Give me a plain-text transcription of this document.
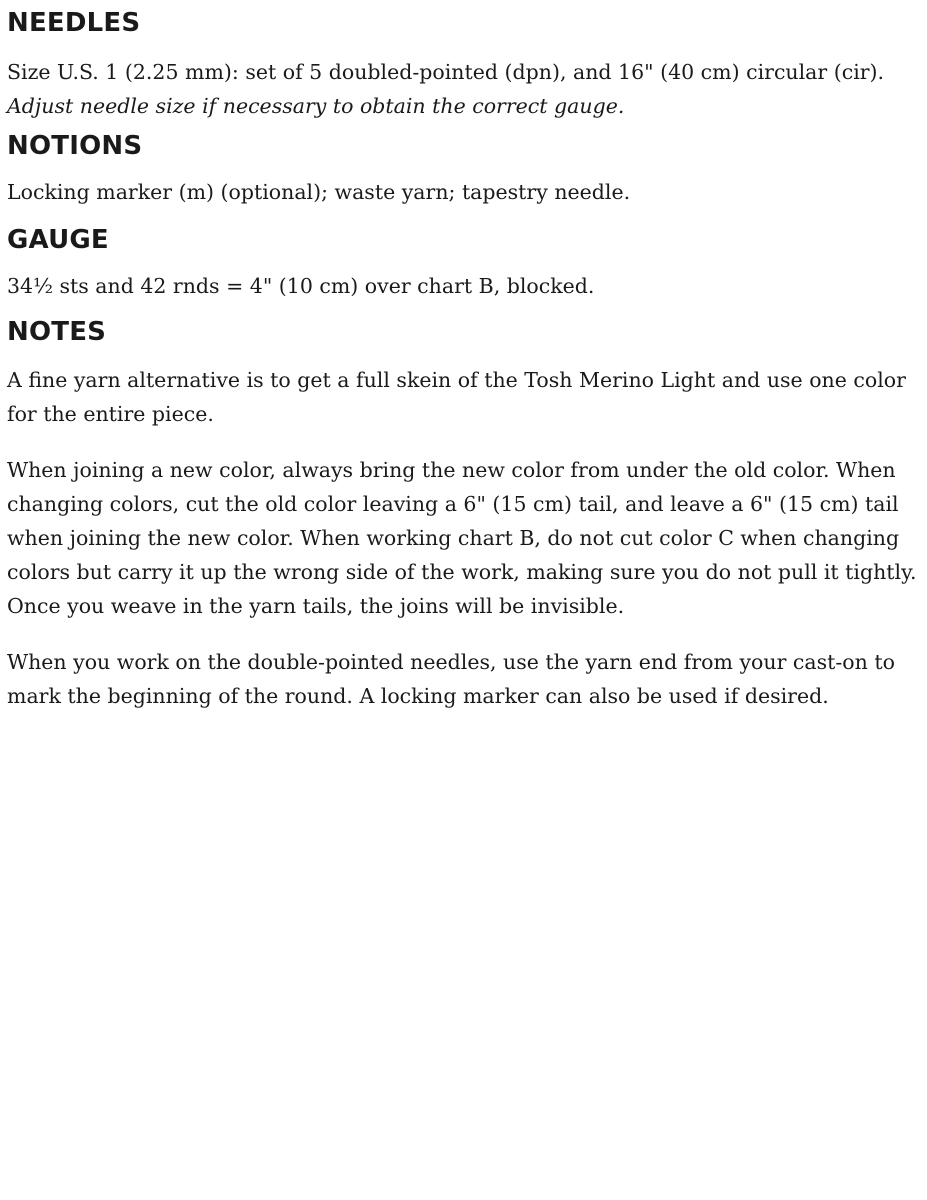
NEEDLES

Size U.S. 1 (2.25 mm): set of 5 doubled-pointed (dpn), and 16" (40 cm) circular (cir).

Adjust needle size if necessary to obtain the correct gauge.

NOTIONS

Locking marker (m) (optional); waste yarn; tapestry needle.

GAUGE

34½ sts and 42 rnds = 4" (10 cm) over chart B, blocked.

NOTES

A fine yarn alternative is to get a full skein of the Tosh Merino Light and use one color for the entire piece.

When joining a new color, always bring the new color from under the old color. When changing colors, cut the old color leaving a 6" (15 cm) tail, and leave a 6" (15 cm) tail when joining the new color. When working chart B, do not cut color C when changing colors but carry it up the wrong side of the work, making sure you do not pull it tightly. Once you weave in the yarn tails, the joins will be invisible.

When you work on the double-pointed needles, use the yarn end from your cast-on to mark the beginning of the round. A locking marker can also be used if desired.
